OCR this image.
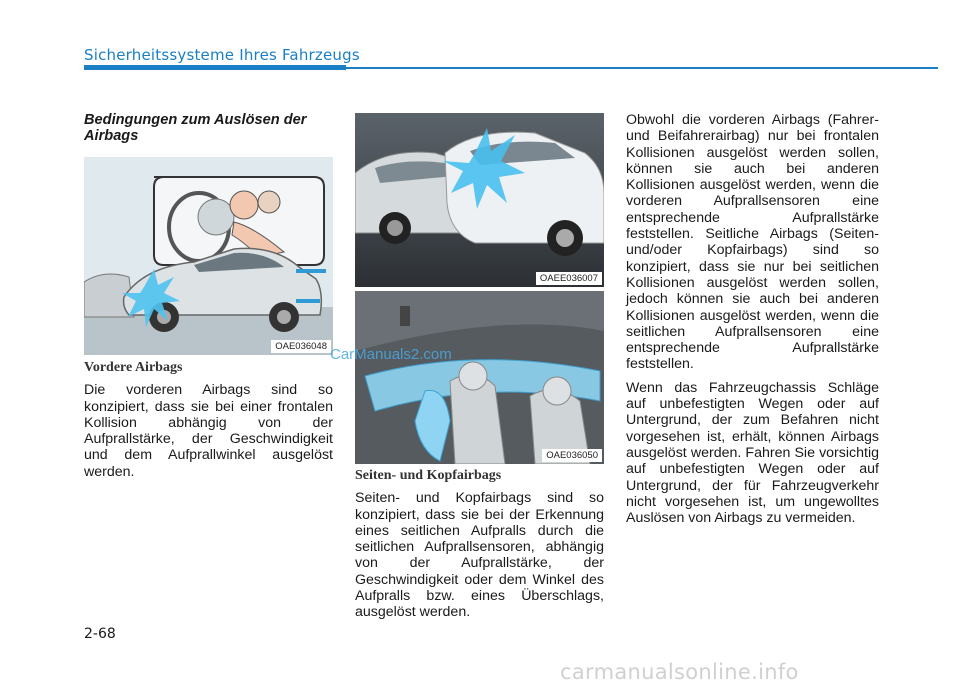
Sicherheitssysteme Ihres Fahrzeugs
Bedingungen zum Auslösen der Airbags
OAE036048
Vordere Airbags

Die vorderen Airbags sind so konzipiert, dass sie bei einer frontalen Kollision abhängig von der Aufprallstärke, der Geschwindigkeit und dem Aufprallwinkel ausgelöst werden.

OAEE036007
OAE036050
Seiten- und Kopfairbags

Seiten- und Kopfairbags sind so konzipiert, dass sie bei der Erkennung eines seitlichen Aufpralls durch die seitlichen Aufprallsensoren, abhängig von der Aufprallstärke, der Geschwindigkeit oder dem Winkel des Aufpralls bzw. eines Überschlags, ausgelöst werden.

Obwohl die vorderen Airbags (Fahrer- und Beifahrerairbag) nur bei frontalen Kollisionen ausgelöst werden sollen, können sie auch bei anderen Kollisionen ausgelöst werden, wenn die vorderen Aufprallsensoren eine entsprechende Aufprallstärke feststellen. Seitliche Airbags (Seiten- und/oder Kopfairbags) sind so konzipiert, dass sie nur bei seitlichen Kollisionen ausgelöst werden sollen, jedoch können sie auch bei anderen Kollisionen ausgelöst werden, wenn die seitlichen Aufprallsensoren eine entsprechende Aufprallstärke feststellen.

Wenn das Fahrzeugchassis Schläge auf unbefestigten Wegen oder auf Untergrund, der zum Befahren nicht vorgesehen ist, erhält, können Airbags ausgelöst werden. Fahren Sie vorsichtig auf unbefestigten Wegen oder auf Untergrund, der für Fahrzeugverkehr nicht vorgesehen ist, um ungewolltes Auslösen von Airbags zu vermeiden.

CarManuals2.com
2-68
carmanualsonline.info
